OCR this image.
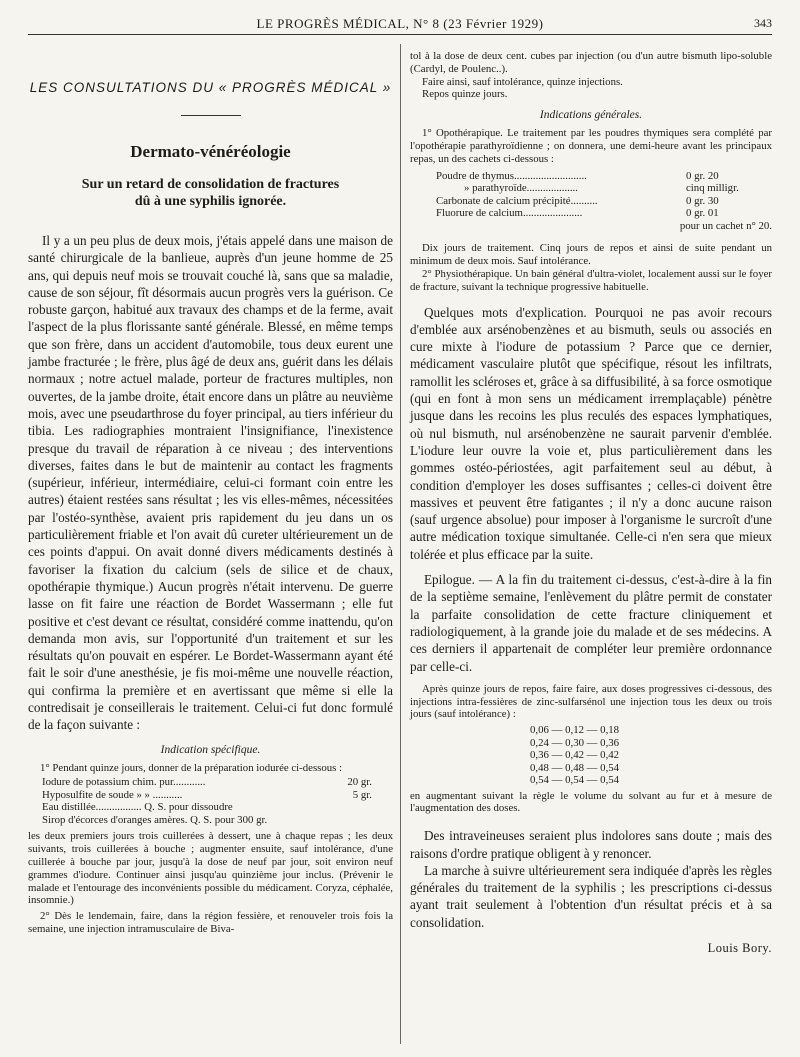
LE PROGRÈS MÉDICAL, N° 8 (23 Février 1929)	343
LES CONSULTATIONS DU « PROGRÈS MÉDICAL »
Dermato-vénéréologie
Sur un retard de consolidation de fractures
dû à une syphilis ignorée.

Il y a un peu plus de deux mois, j'étais appelé dans une maison de santé chirurgicale de la banlieue, auprès d'un jeune homme de 25 ans, qui depuis neuf mois se trouvait couché là, sans que sa maladie, cause de son séjour, fît désormais aucun progrès vers la guérison. Ce robuste garçon, habitué aux travaux des champs et de la ferme, avait l'aspect de la plus florissante santé générale. Blessé, en même temps que son frère, dans un accident d'automobile, tous deux eurent une jambe fracturée ; le frère, plus âgé de deux ans, guérit dans les délais normaux ; notre actuel malade, porteur de fractures multiples, non ouvertes, de la jambe droite, était encore dans un plâtre au neuvième mois, avec une pseudarthrose du foyer principal, au tiers inférieur du tibia. Les radiographies montraient l'insignifiance, l'inexistence presque du travail de réparation à ce niveau ; des interventions diverses, faites dans le but de maintenir au contact les fragments (supérieur, inférieur, intermédiaire, celui-ci formant coin entre les autres) étaient restées sans résultat ; les vis elles-mêmes, nécessitées par l'ostéo-synthèse, avaient pris rapidement du jeu dans un os particulièrement friable et l'on avait dû cureter ultérieurement un de ces points d'appui. On avait donné divers médicaments destinés à favoriser la fixation du calcium (sels de silice et de chaux, opothérapie thymique.) Aucun progrès n'était intervenu. De guerre lasse on fit faire une réaction de Bordet Wassermann ; elle fut positive et c'est devant ce résultat, considéré comme inattendu, qu'on demanda mon avis, sur l'opportunité d'un traitement et sur les résultats qu'on pouvait en espérer. Le Bordet-Wassermann ayant été fait le soir d'une anesthésie, je fis moi-même une nouvelle réaction, qui confirma la première et en avertissant que même si elle la contredisait je conseillerais le traitement. Celui-ci fut donc formulé de la façon suivante :

Indication spécifique.

1° Pendant quinze jours, donner de la préparation iodurée ci-dessous :

Iodure de potassium chim. pur............	20 gr.
Hyposulfite de soude » » ...........	5 gr.
Eau distillée................. Q. S. pour dissoudre	
Sirop d'écorces d'oranges amères. Q. S. pour 300 gr.	

les deux premiers jours trois cuillerées à dessert, une à chaque repas ; les deux suivants, trois cuillerées à bouche ; augmenter ensuite, sauf intolérance, d'une cuillerée à bouche par jour, jusqu'à la dose de neuf par jour, soit environ neuf grammes d'iodure. Continuer ainsi jusqu'au quinzième jour inclus. (Prévenir le malade et l'entourage des inconvénients possible du médicament. Coryza, céphalée, insomnie.)

2° Dès le lendemain, faire, dans la région fessière, et renouveler trois fois la semaine, une injection intramusculaire de Biva-

tol à la dose de deux cent. cubes par injection (ou d'un autre bismuth lipo-soluble (Cardyl, de Poulenc..).

Faire ainsi, sauf intolérance, quinze injections.

Repos quinze jours.

Indications générales.

1° Opothérapique. Le traitement par les poudres thymiques sera complété par l'opothérapie parathyroïdienne ; on donnera, une demi-heure avant les principaux repas, un des cachets ci-dessous :

Poudre de thymus...........................	0 gr. 20
» parathyroïde...................	cinq milligr.
Carbonate de calcium précipité..........	0 gr. 30
Fluorure de calcium......................	0 gr. 01

pour un cachet n° 20.

Dix jours de traitement. Cinq jours de repos et ainsi de suite pendant un minimum de deux mois. Sauf intolérance.

2° Physiothérapique. Un bain général d'ultra-violet, localement aussi sur le foyer de fracture, suivant la technique progressive habituelle.

Quelques mots d'explication. Pourquoi ne pas avoir recours d'emblée aux arsénobenzènes et au bismuth, seuls ou associés en cure mixte à l'iodure de potassium ? Parce que ce dernier, médicament vasculaire plutôt que spécifique, résout les infiltrats, ramollit les scléroses et, grâce à sa diffusibilité, à sa force osmotique (qui en font à mon sens un médicament irremplaçable) pénètre jusque dans les recoins les plus reculés des espaces lymphatiques, où nul bismuth, nul arsénobenzène ne saurait parvenir d'emblée. L'iodure leur ouvre la voie et, plus particulièrement dans les gommes ostéo-périostées, agit parfaitement seul au début, à condition d'employer les doses suffisantes ; celles-ci doivent être massives et peuvent être fatigantes ; il n'y a donc aucune raison (sauf urgence absolue) pour imposer à l'organisme le surcroît d'une autre médication toxique simultanée. Celle-ci n'en sera que mieux tolérée et plus efficace par la suite.

Epilogue. — A la fin du traitement ci-dessus, c'est-à-dire à la fin de la septième semaine, l'enlèvement du plâtre permit de constater la parfaite consolidation de cette fracture cliniquement et radiologiquement, à la grande joie du malade et de ses médecins. A ces derniers il appartenait de compléter leur première ordonnance par celle-ci.

Après quinze jours de repos, faire faire, aux doses progressives ci-dessous, des injections intra-fessières de zinc-sulfarsénol une injection tous les deux ou trois jours (sauf intolérance) :

0,06 — 0,12 — 0,18
0,24 — 0,30 — 0,36
0,36 — 0,42 — 0,42
0,48 — 0,48 — 0,54
0,54 — 0,54 — 0,54

en augmentant suivant la règle le volume du solvant au fur et à mesure de l'augmentation des doses.

Des intraveineuses seraient plus indolores sans doute ; mais des raisons d'ordre pratique obligent à y renoncer.

La marche à suivre ultérieurement sera indiquée d'après les règles générales du traitement de la syphilis ; les prescriptions ci-dessus ayant trait seulement à l'obtention d'un résultat précis et à sa consolidation.

Louis Bory.
